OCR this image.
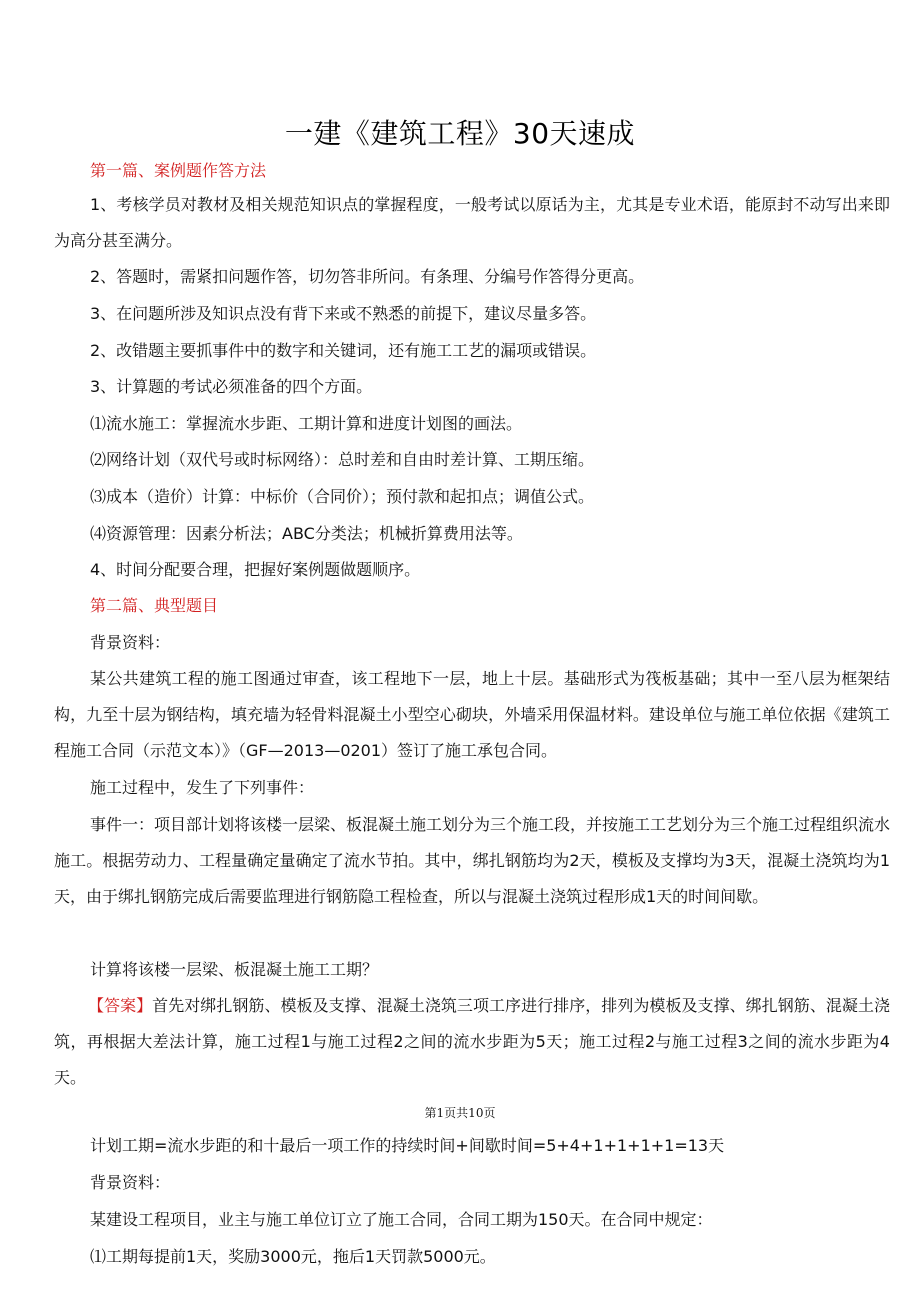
一建《建筑工程》30天速成
第一篇、案例题作答方法
1、考核学员对教材及相关规范知识点的掌握程度，一般考试以原话为主，尤其是专业术语，能原封不动写出来即为高分甚至满分。
2、答题时，需紧扣问题作答，切勿答非所问。有条理、分编号作答得分更高。
3、在问题所涉及知识点没有背下来或不熟悉的前提下，建议尽量多答。
2、改错题主要抓事件中的数字和关键词，还有施工工艺的漏项或错误。
3、计算题的考试必须准备的四个方面。
⑴流水施工：掌握流水步距、工期计算和进度计划图的画法。
⑵网络计划（双代号或时标网络）：总时差和自由时差计算、工期压缩。
⑶成本（造价）计算：中标价（合同价）；预付款和起扣点；调值公式。
⑷资源管理：因素分析法；ABC分类法；机械折算费用法等。
4、时间分配要合理，把握好案例题做题顺序。
第二篇、典型题目
背景资料：
某公共建筑工程的施工图通过审查，该工程地下一层，地上十层。基础形式为筏板基础；其中一至八层为框架结构，九至十层为钢结构，填充墙为轻骨料混凝土小型空心砌块，外墙采用保温材料。建设单位与施工单位依据《建筑工程施工合同（示范文本）》（GF—2013—0201）签订了施工承包合同。
施工过程中，发生了下列事件：
事件一：项目部计划将该楼一层梁、板混凝土施工划分为三个施工段，并按施工工艺划分为三个施工过程组织流水施工。根据劳动力、工程量确定量确定了流水节拍。其中，绑扎钢筋均为2天，模板及支撑均为3天，混凝土浇筑均为1天，由于绑扎钢筋完成后需要监理进行钢筋隐工程检查，所以与混凝土浇筑过程形成1天的时间间歇。
计算将该楼一层梁、板混凝土施工工期？
【答案】首先对绑扎钢筋、模板及支撑、混凝土浇筑三项工序进行排序，排列为模板及支撑、绑扎钢筋、混凝土浇筑，再根据大差法计算，施工过程1与施工过程2之间的流水步距为5天；施工过程2与施工过程3之间的流水步距为4天。
第1页共10页
计划工期=流水步距的和十最后一项工作的持续时间+间歇时间=5+4+1+1+1+1=13天
背景资料：
某建设工程项目，业主与施工单位订立了施工合同，合同工期为150天。在合同中规定：
⑴工期每提前1天，奖励3000元，拖后1天罚款5000元。
